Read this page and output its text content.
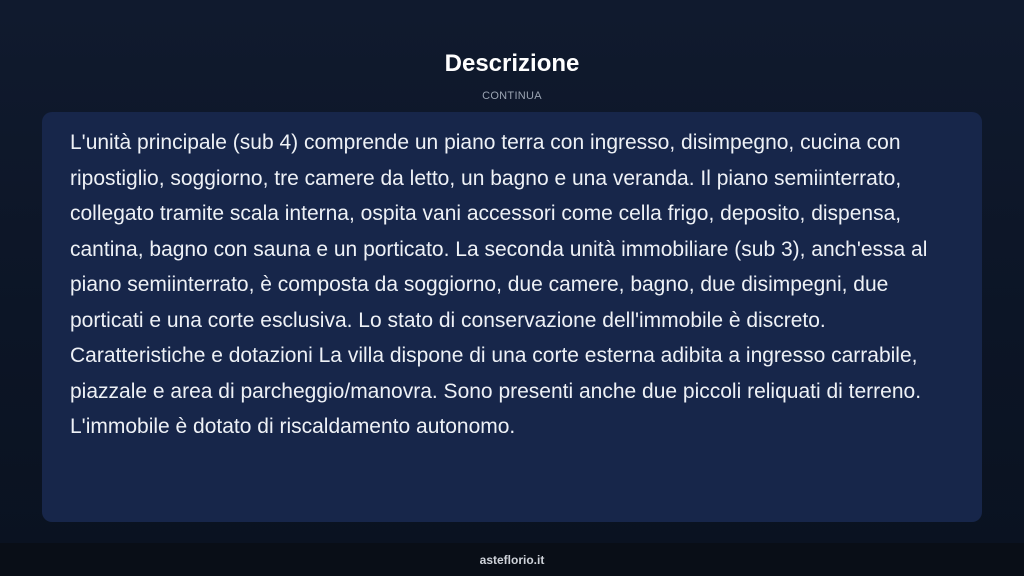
Descrizione
CONTINUA

L'unità principale (sub 4) comprende un piano terra con ingresso, disimpegno, cucina con ripostiglio, soggiorno, tre camere da letto, un bagno e una veranda. Il piano semiinterrato, collegato tramite scala interna, ospita vani accessori come cella frigo, deposito, dispensa, cantina, bagno con sauna e un porticato. La seconda unità immobiliare (sub 3), anch'essa al piano semiinterrato, è composta da soggiorno, due camere, bagno, due disimpegni, due porticati e una corte esclusiva. Lo stato di conservazione dell'immobile è discreto. Caratteristiche e dotazioni La villa dispone di una corte esterna adibita a ingresso carrabile, piazzale e area di parcheggio/manovra. Sono presenti anche due piccoli reliquati di terreno. L'immobile è dotato di riscaldamento autonomo.

asteflorio.it
